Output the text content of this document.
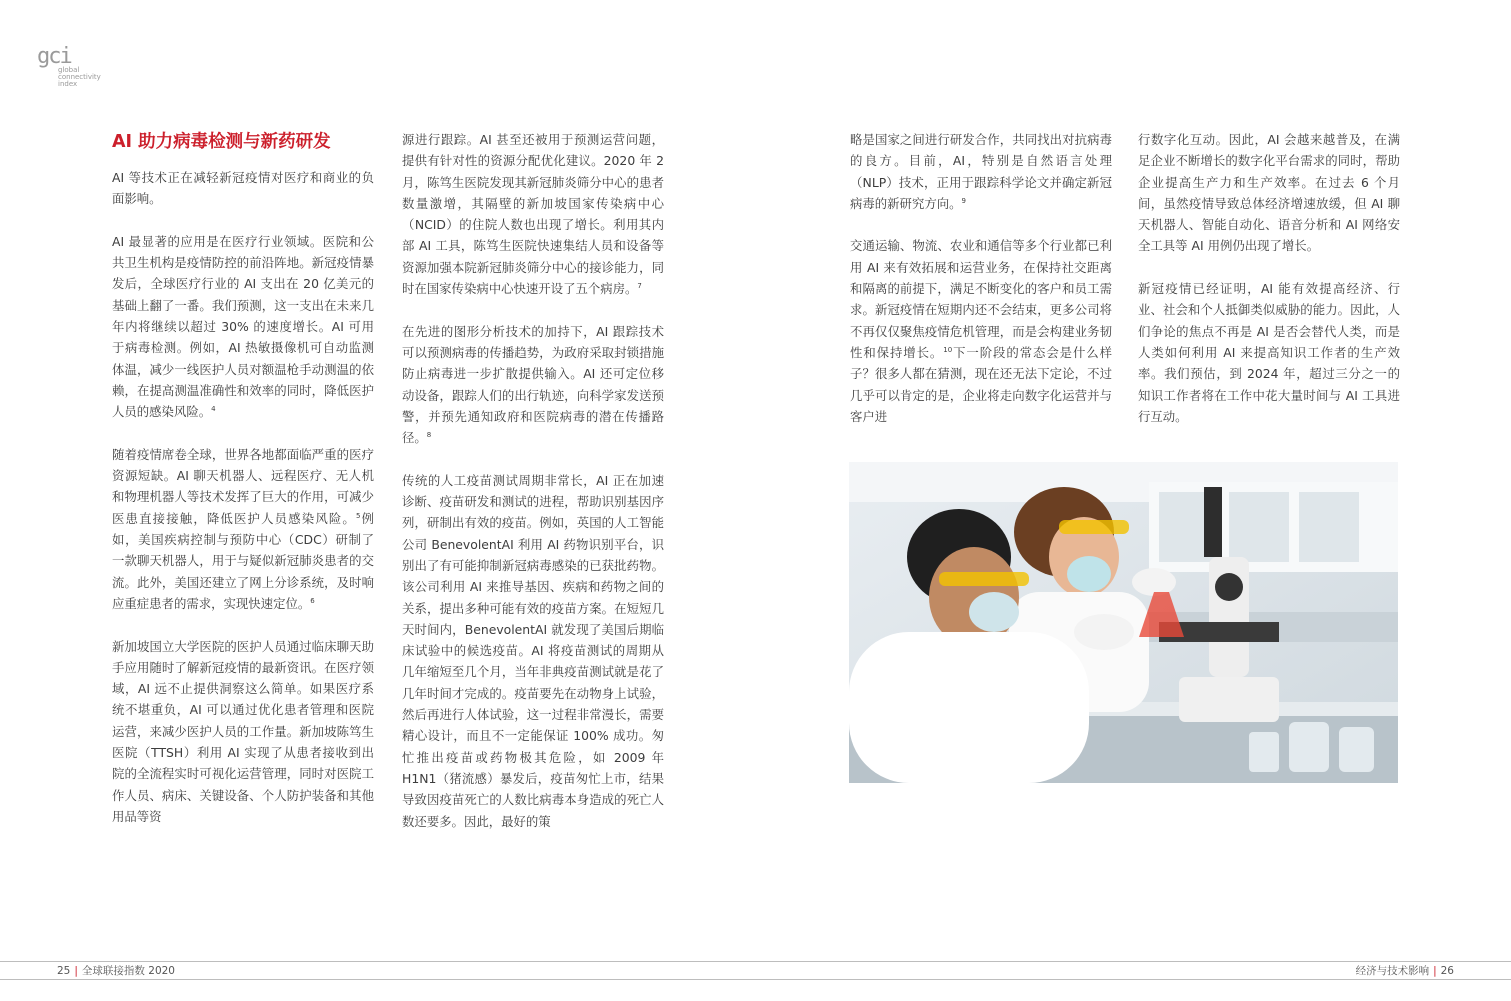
gci
global
connectivity
index
AI 助力病毒检测与新药研发

AI 等技术正在减轻新冠疫情对医疗和商业的负面影响。

AI 最显著的应用是在医疗行业领域。医院和公共卫生机构是疫情防控的前沿阵地。新冠疫情暴发后，全球医疗行业的 AI 支出在 20 亿美元的基础上翻了一番。我们预测，这一支出在未来几年内将继续以超过 30% 的速度增长。AI 可用于病毒检测。例如，AI 热敏摄像机可自动监测体温，减少一线医护人员对额温枪手动测温的依赖，在提高测温准确性和效率的同时，降低医护人员的感染风险。$^4$

随着疫情席卷全球，世界各地都面临严重的医疗资源短缺。AI 聊天机器人、远程医疗、无人机和物理机器人等技术发挥了巨大的作用，可减少医患直接接触，降低医护人员感染风险。$^5$例如，美国疾病控制与预防中心（CDC）研制了一款聊天机器人，用于与疑似新冠肺炎患者的交流。此外，美国还建立了网上分诊系统，及时响应重症患者的需求，实现快速定位。$^6$

新加坡国立大学医院的医护人员通过临床聊天助手应用随时了解新冠疫情的最新资讯。在医疗领域，AI 远不止提供洞察这么简单。如果医疗系统不堪重负，AI 可以通过优化患者管理和医院运营，来减少医护人员的工作量。新加坡陈笃生医院（TTSH）利用 AI 实现了从患者接收到出院的全流程实时可视化运营管理，同时对医院工作人员、病床、关键设备、个人防护装备和其他用品等资

源进行跟踪。AI 甚至还被用于预测运营问题，提供有针对性的资源分配优化建议。2020 年 2 月，陈笃生医院发现其新冠肺炎筛分中心的患者数量激增，其隔壁的新加坡国家传染病中心（NCID）的住院人数也出现了增长。利用其内部 AI 工具，陈笃生医院快速集结人员和设备等资源加强本院新冠肺炎筛分中心的接诊能力，同时在国家传染病中心快速开设了五个病房。$^7$

在先进的图形分析技术的加持下，AI 跟踪技术可以预测病毒的传播趋势，为政府采取封锁措施防止病毒进一步扩散提供输入。AI 还可定位移动设备，跟踪人们的出行轨迹，向科学家发送预警，并预先通知政府和医院病毒的潜在传播路径。$^8$

传统的人工疫苗测试周期非常长，AI 正在加速诊断、疫苗研发和测试的进程，帮助识别基因序列，研制出有效的疫苗。例如，英国的人工智能公司 BenevolentAI 利用 AI 药物识别平台，识别出了有可能抑制新冠病毒感染的已获批药物。该公司利用 AI 来推导基因、疾病和药物之间的关系，提出多种可能有效的疫苗方案。在短短几天时间内，BenevolentAI 就发现了美国后期临床试验中的候选疫苗。AI 将疫苗测试的周期从几年缩短至几个月，当年非典疫苗测试就是花了几年时间才完成的。疫苗要先在动物身上试验，然后再进行人体试验，这一过程非常漫长，需要精心设计，而且不一定能保证 100% 成功。匆忙推出疫苗或药物极其危险，如 2009 年 H1N1（猪流感）暴发后，疫苗匆忙上市，结果导致因疫苗死亡的人数比病毒本身造成的死亡人数还要多。因此，最好的策

略是国家之间进行研发合作，共同找出对抗病毒的良方。目前，AI，特别是自然语言处理（NLP）技术，正用于跟踪科学论文并确定新冠病毒的新研究方向。$^9$

交通运输、物流、农业和通信等多个行业都已利用 AI 来有效拓展和运营业务，在保持社交距离和隔离的前提下，满足不断变化的客户和员工需求。新冠疫情在短期内还不会结束，更多公司将不再仅仅聚焦疫情危机管理，而是会构建业务韧性和保持增长。$^{10}$下一阶段的常态会是什么样子？很多人都在猜测，现在还无法下定论，不过几乎可以肯定的是，企业将走向数字化运营并与客户进

行数字化互动。因此，AI 会越来越普及，在满足企业不断增长的数字化平台需求的同时，帮助企业提高生产力和生产效率。在过去 6 个月间，虽然疫情导致总体经济增速放缓，但 AI 聊天机器人、智能自动化、语音分析和 AI 网络安全工具等 AI 用例仍出现了增长。

新冠疫情已经证明，AI 能有效提高经济、行业、社会和个人抵御类似威胁的能力。因此，人们争论的焦点不再是 AI 是否会替代人类，而是人类如何利用 AI 来提高知识工作者的生产效率。我们预估，到 2024 年，超过三分之一的知识工作者将在工作中花大量时间与 AI 工具进行互动。

25 | 全球联接指数 2020	经济与技术影响 | 26
